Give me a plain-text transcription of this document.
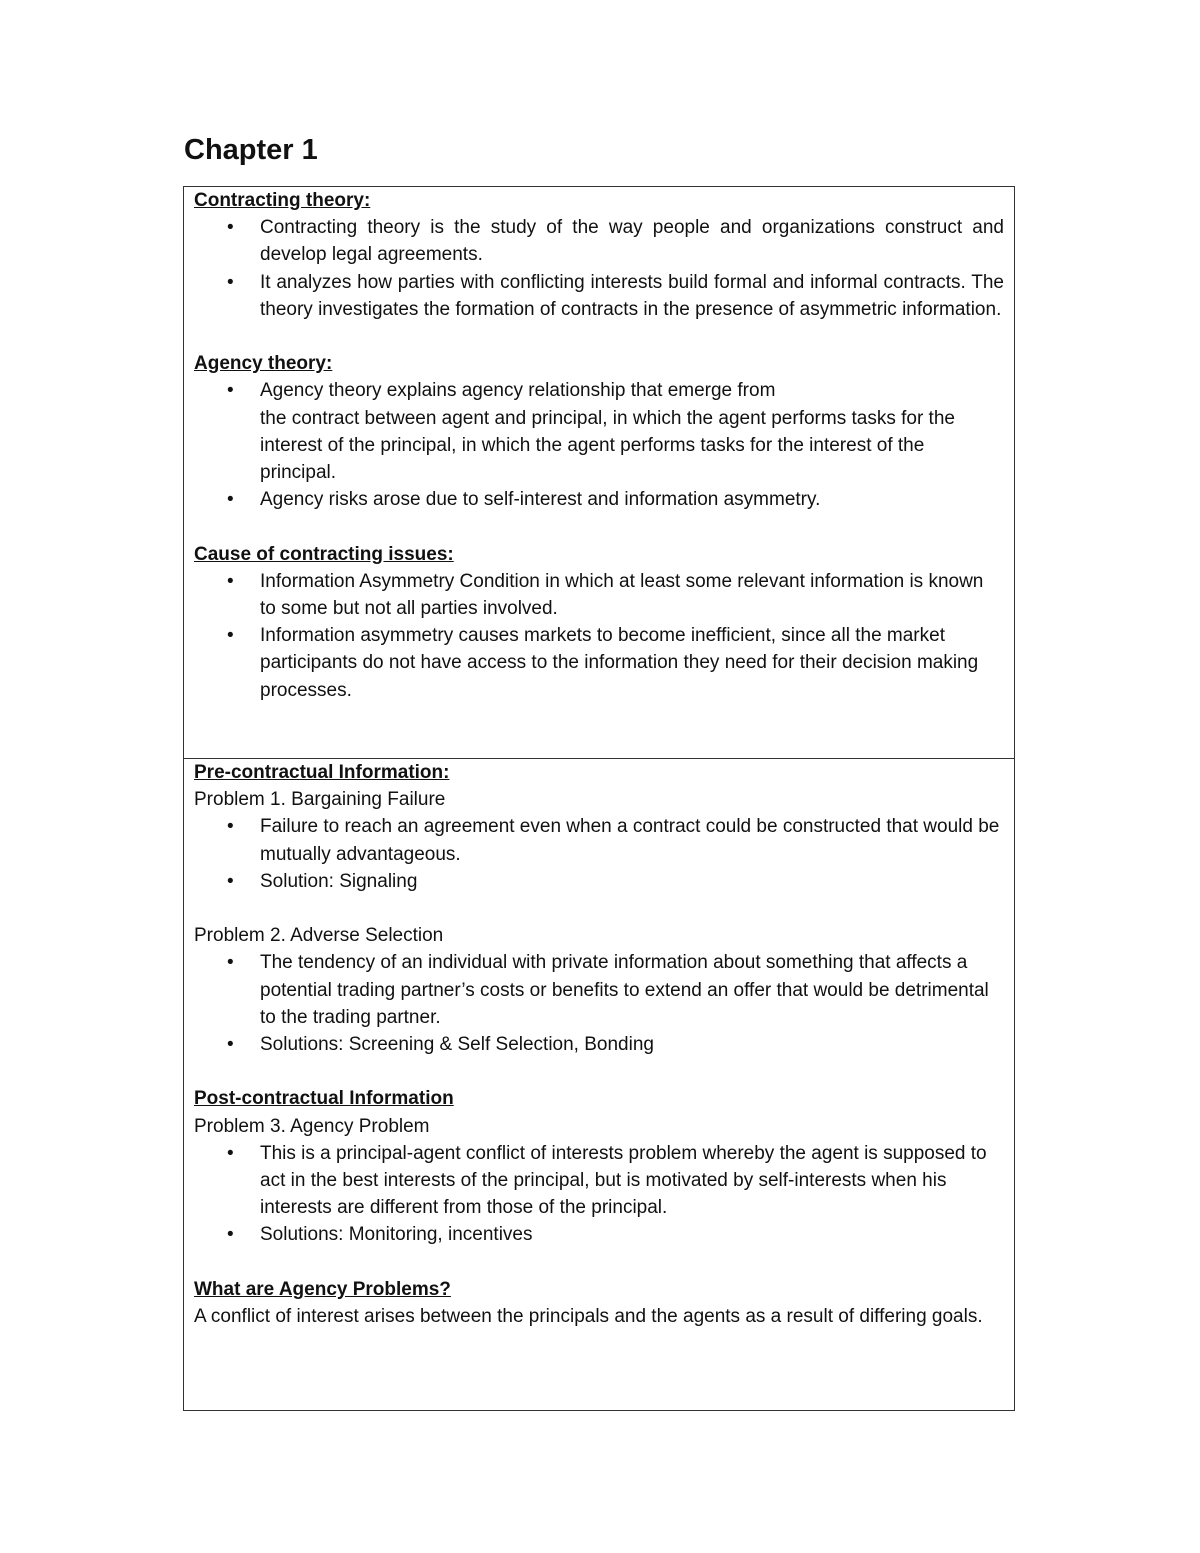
Chapter 1

Contracting theory:

• Contracting theory is the study of the way people and organizations construct and develop legal agreements.
• It analyzes how parties with conflicting interests build formal and informal contracts. The theory investigates the formation of contracts in the presence of asymmetric information.

Agency theory:

• Agency theory explains agency relationship that emerge from
the contract between agent and principal, in which the agent performs tasks for the interest of the principal, in which the agent performs tasks for the interest of the principal.
• Agency risks arose due to self-interest and information asymmetry.

Cause of contracting issues:

• Information Asymmetry Condition in which at least some relevant information is known to some but not all parties involved.
• Information asymmetry causes markets to become inefficient, since all the market participants do not have access to the information they need for their decision making processes.

Pre-contractual Information:

Problem 1. Bargaining Failure

• Failure to reach an agreement even when a contract could be constructed that would be mutually advantageous.
• Solution: Signaling

Problem 2. Adverse Selection

• The tendency of an individual with private information about something that affects a potential trading partner’s costs or benefits to extend an offer that would be detrimental to the trading partner.
• Solutions: Screening & Self Selection, Bonding

Post-contractual Information

Problem 3. Agency Problem

• This is a principal-agent conflict of interests problem whereby the agent is supposed to act in the best interests of the principal, but is motivated by self-interests when his interests are different from those of the principal.
• Solutions: Monitoring, incentives

What are Agency Problems?

A conflict of interest arises between the principals and the agents as a result of differing goals.
